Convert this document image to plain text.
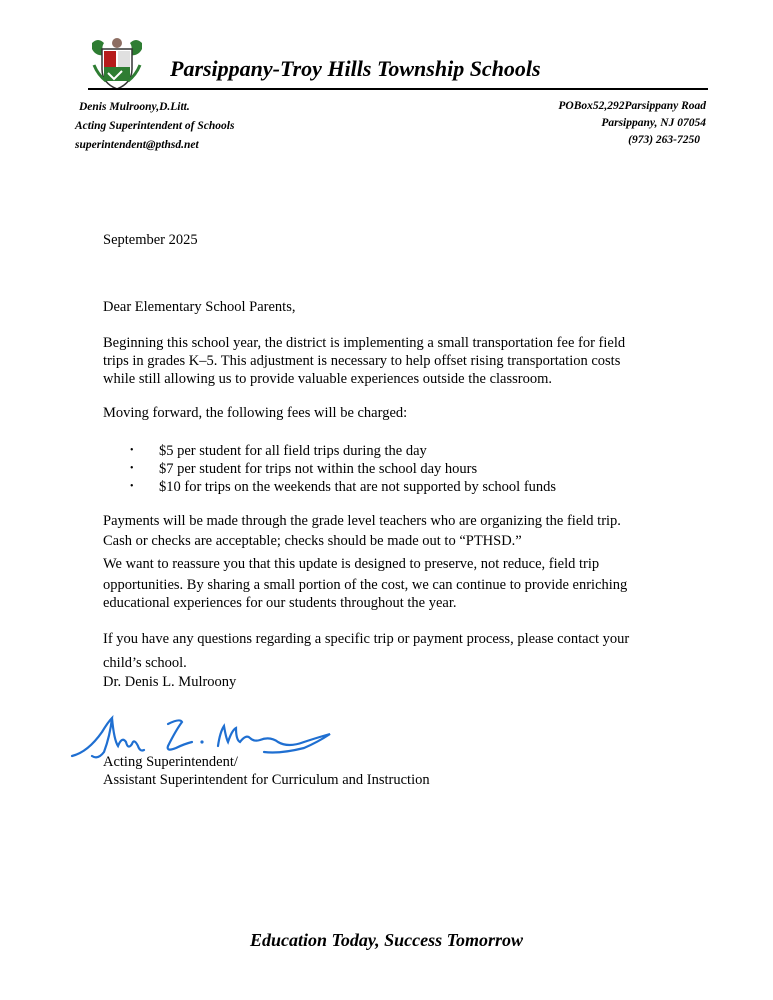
Parsippany-Troy Hills Township Schools
Denis Mulroony,D.Litt.
Acting Superintendent of Schools
superintendent@pthsd.net
POBox52,292Parsippany Road
Parsippany, NJ 07054
(973) 263-7250
September 2025
Dear Elementary School Parents,
Beginning this school year, the district is implementing a small transportation fee for field
trips in grades K–5. This adjustment is necessary to help offset rising transportation costs
while still allowing us to provide valuable experiences outside the classroom.
Moving forward, the following fees will be charged:
•	$5 per student for all field trips during the day
•	$7 per student for trips not within the school day hours
•	$10 for trips on the weekends that are not supported by school funds
Payments will be made through the grade level teachers who are organizing the field trip.
Cash or checks are acceptable; checks should be made out to “PTHSD.”
We want to reassure you that this update is designed to preserve, not reduce, field trip
opportunities. By sharing a small portion of the cost, we can continue to provide enriching
educational experiences for our students throughout the year.
If you have any questions regarding a specific trip or payment process, please contact your
child’s school.
Dr. Denis L. Mulroony
Acting Superintendent/
Assistant Superintendent for Curriculum and Instruction
Education Today, Success Tomorrow
